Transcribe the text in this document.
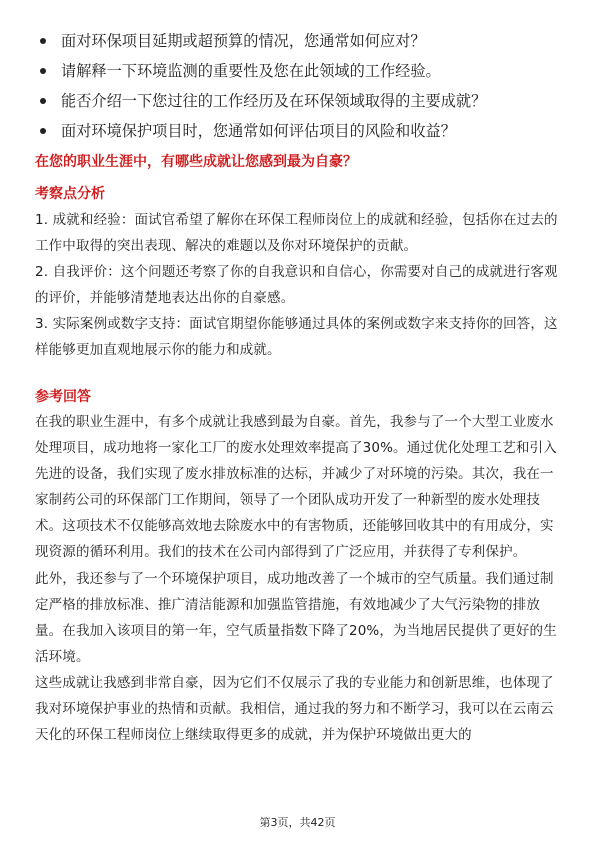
面对环保项目延期或超预算的情况，您通常如何应对？
请解释一下环境监测的重要性及您在此领域的工作经验。
能否介绍一下您过往的工作经历及在环保领域取得的主要成就？
面对环境保护项目时，您通常如何评估项目的风险和收益？
在您的职业生涯中，有哪些成就让您感到最为自豪？
考察点分析

1. 成就和经验：面试官希望了解你在环保工程师岗位上的成就和经验，包括你在过去的工作中取得的突出表现、解决的难题以及你对环境保护的贡献。

2. 自我评价：这个问题还考察了你的自我意识和自信心，你需要对自己的成就进行客观的评价，并能够清楚地表达出你的自豪感。

3. 实际案例或数字支持：面试官期望你能够通过具体的案例或数字来支持你的回答，这样能够更加直观地展示你的能力和成就。

参考回答

在我的职业生涯中，有多个成就让我感到最为自豪。首先，我参与了一个大型工业废水处理项目，成功地将一家化工厂的废水处理效率提高了30%。通过优化处理工艺和引入先进的设备，我们实现了废水排放标准的达标，并减少了对环境的污染。其次，我在一家制药公司的环保部门工作期间，领导了一个团队成功开发了一种新型的废水处理技术。这项技术不仅能够高效地去除废水中的有害物质，还能够回收其中的有用成分，实现资源的循环利用。我们的技术在公司内部得到了广泛应用，并获得了专利保护。

此外，我还参与了一个环境保护项目，成功地改善了一个城市的空气质量。我们通过制定严格的排放标准、推广清洁能源和加强监管措施，有效地减少了大气污染物的排放量。在我加入该项目的第一年，空气质量指数下降了20%，为当地居民提供了更好的生活环境。

这些成就让我感到非常自豪，因为它们不仅展示了我的专业能力和创新思维，也体现了我对环境保护事业的热情和贡献。我相信，通过我的努力和不断学习，我可以在云南云天化的环保工程师岗位上继续取得更多的成就，并为保护环境做出更大的

第3页，共42页
